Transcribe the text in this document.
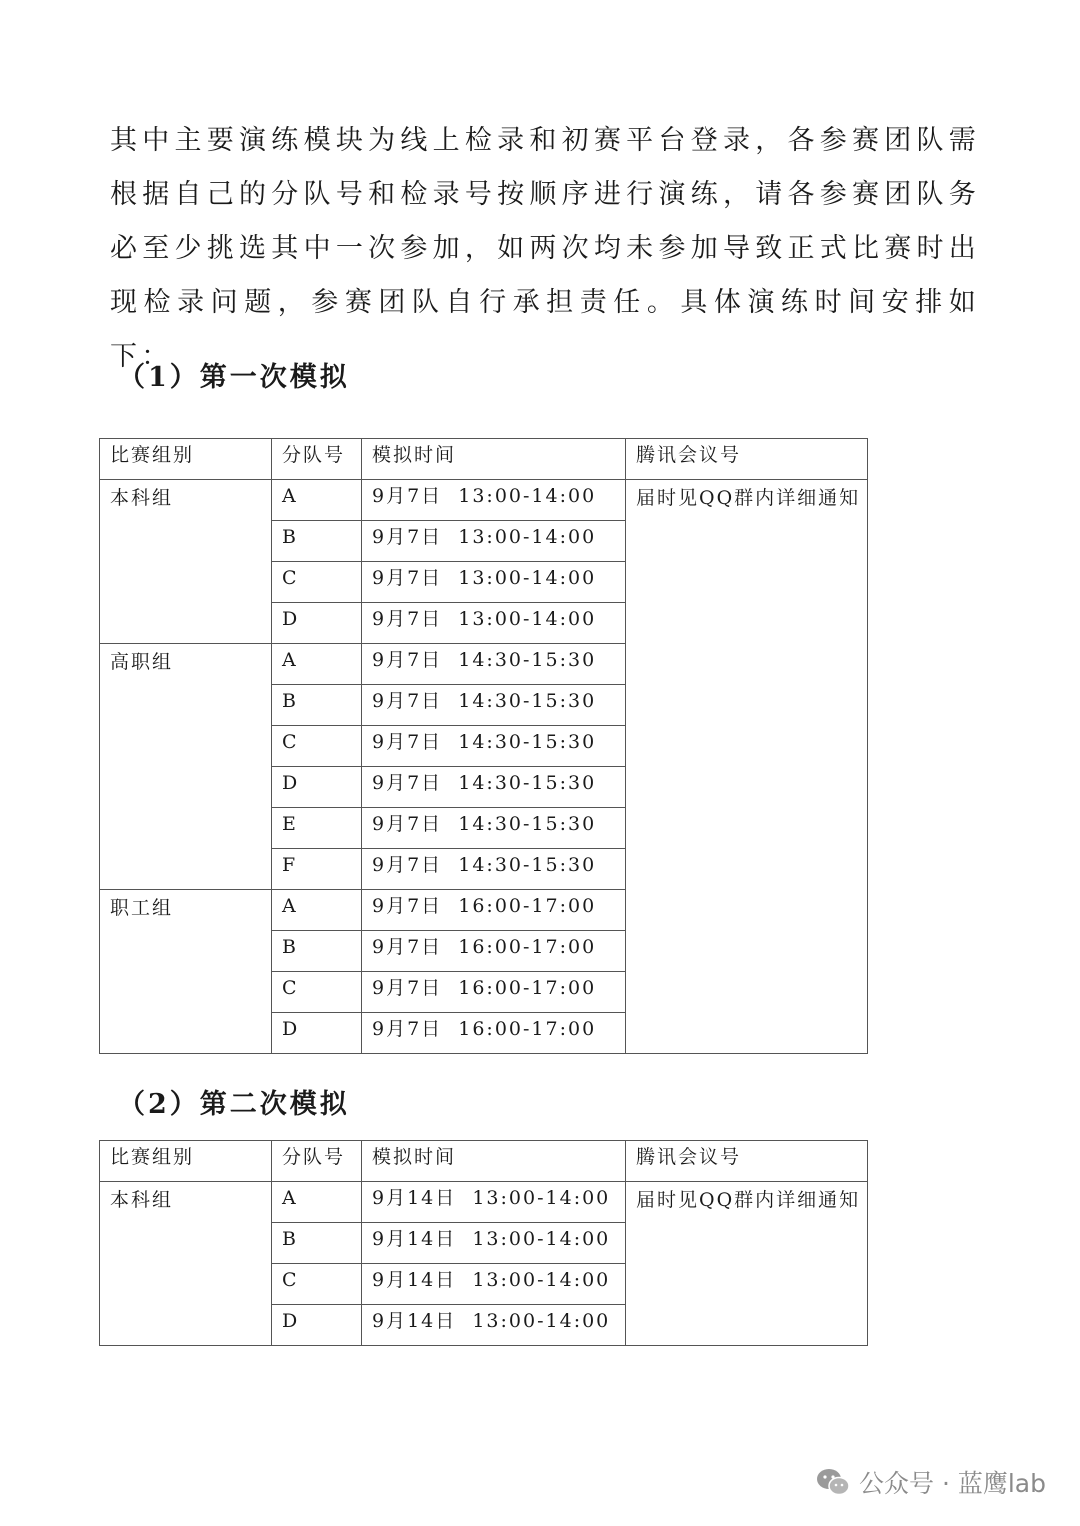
其中主要演练模块为线上检录和初赛平台登录，各参赛团队需根据自己的分队号和检录号按顺序进行演练，请各参赛团队务必至少挑选其中一次参加，如两次均未参加导致正式比赛时出现检录问题，参赛团队自行承担责任。具体演练时间安排如下：

（1）第一次模拟
比赛组别	分队号	模拟时间	腾讯会议号
本科组	A	9月7日  13:00-14:00	届时见QQ群内详细通知
	B	9月7日  13:00-14:00	
	C	9月7日  13:00-14:00	
	D	9月7日  13:00-14:00	
高职组	A	9月7日  14:30-15:30	
	B	9月7日  14:30-15:30	
	C	9月7日  14:30-15:30	
	D	9月7日  14:30-15:30	
	E	9月7日  14:30-15:30	
	F	9月7日  14:30-15:30	
职工组	A	9月7日  16:00-17:00	
	B	9月7日  16:00-17:00	
	C	9月7日  16:00-17:00	
	D	9月7日  16:00-17:00	
（2）第二次模拟
比赛组别	分队号	模拟时间	腾讯会议号
本科组	A	9月14日  13:00-14:00	届时见QQ群内详细通知
	B	9月14日  13:00-14:00	
	C	9月14日  13:00-14:00	
	D	9月14日  13:00-14:00	
公众号 · 蓝鹰lab
